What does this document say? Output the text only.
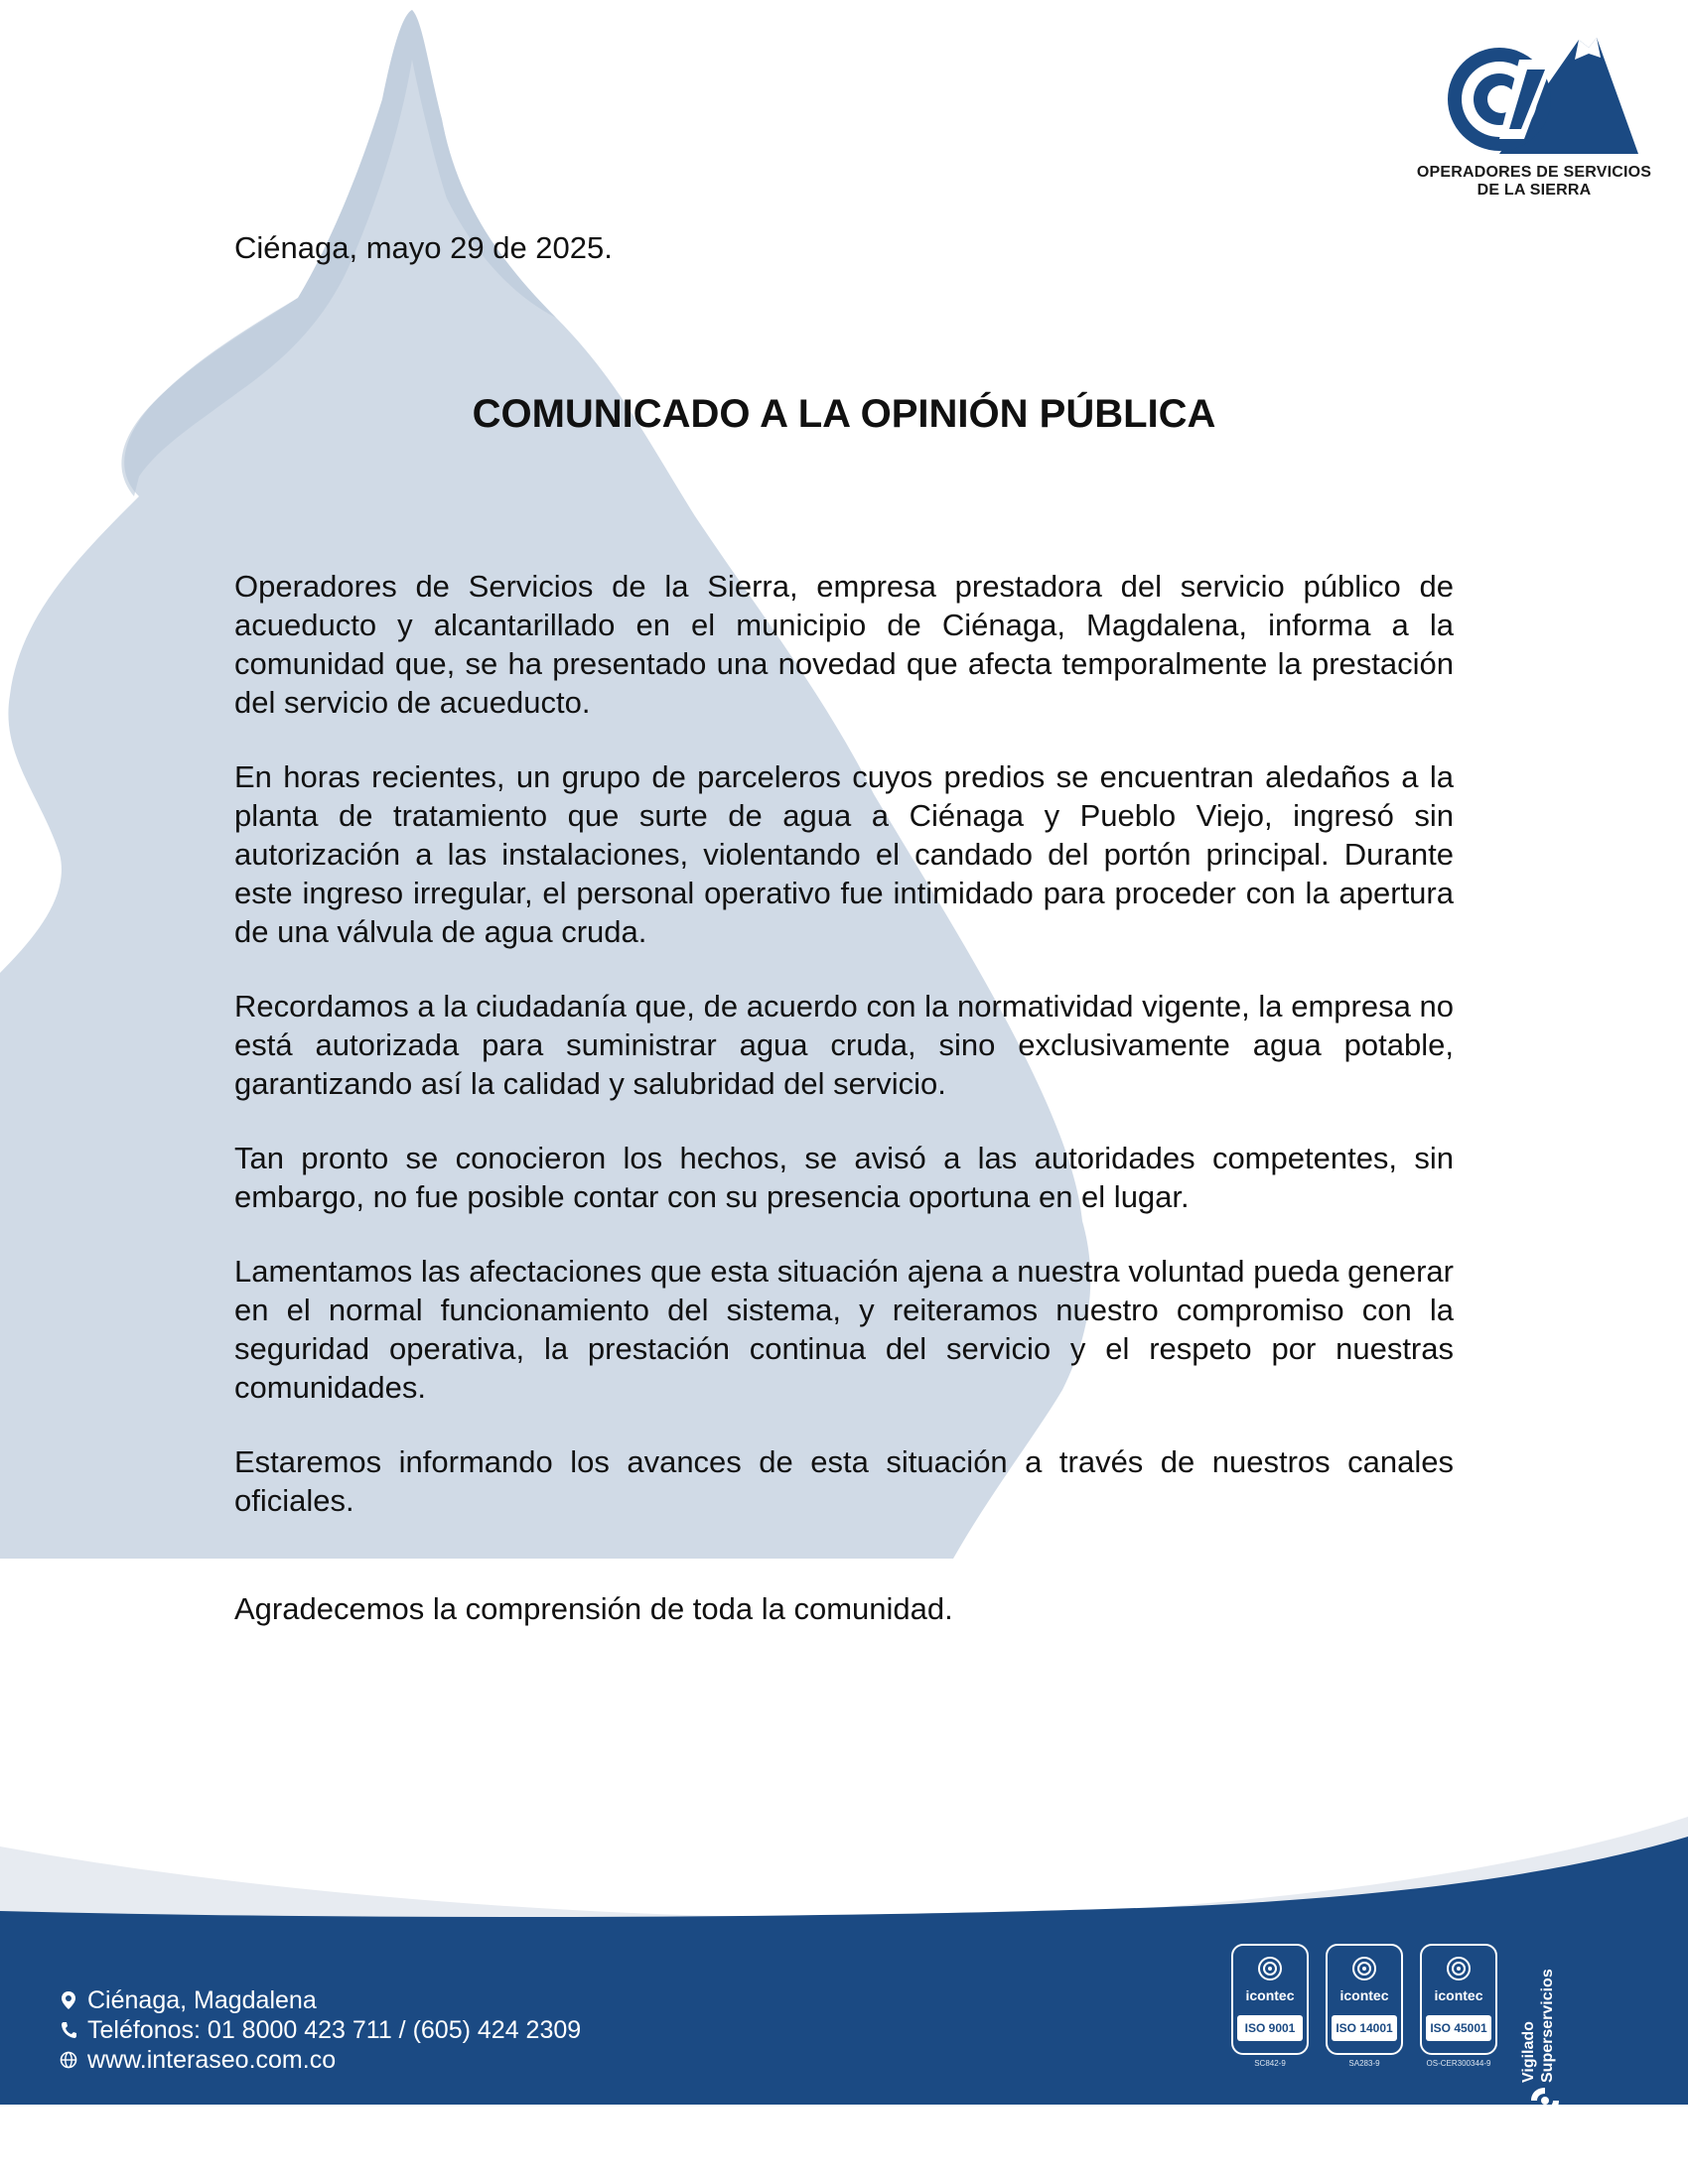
OPERADORES DE SERVICIOS
DE LA SIERRA

Ciénaga, mayo 29 de 2025.

COMUNICADO A LA OPINIÓN PÚBLICA

Operadores de Servicios de la Sierra, empresa prestadora del servicio público de acueducto y alcantarillado en el municipio de Ciénaga, Magdalena, informa a la comunidad que, se ha presentado una novedad que afecta temporalmente la prestación del servicio de acueducto.

En horas recientes, un grupo de parceleros cuyos predios se encuentran aledaños a la planta de tratamiento que surte de agua a Ciénaga y Pueblo Viejo, ingresó sin autorización a las instalaciones, violentando el candado del portón principal. Durante este ingreso irregular, el personal operativo fue intimidado para proceder con la apertura de una válvula de agua cruda.

Recordamos a la ciudadanía que, de acuerdo con la normatividad vigente, la empresa no está autorizada para suministrar agua cruda, sino exclusivamente agua potable, garantizando así la calidad y salubridad del servicio.

Tan pronto se conocieron los hechos, se avisó a las autoridades competentes, sin embargo, no fue posible contar con su presencia oportuna en el lugar.

Lamentamos las afectaciones que esta situación ajena a nuestra voluntad pueda generar en el normal funcionamiento del sistema, y reiteramos nuestro compromiso con la seguridad operativa, la prestación continua del servicio y el respeto por nuestras comunidades.

Estaremos informando los avances de esta situación a través de nuestros canales oficiales.

Agradecemos la comprensión de toda la comunidad.

Ciénaga, Magdalena
Teléfonos: 01 8000 423 711 / (605) 424 2309
www.interaseo.com.co
icontec
ISO 9001
SC842-9
icontec
ISO 14001
SA283-9
icontec
ISO 45001
OS-CER300344-9	Vigilado Superservicios
